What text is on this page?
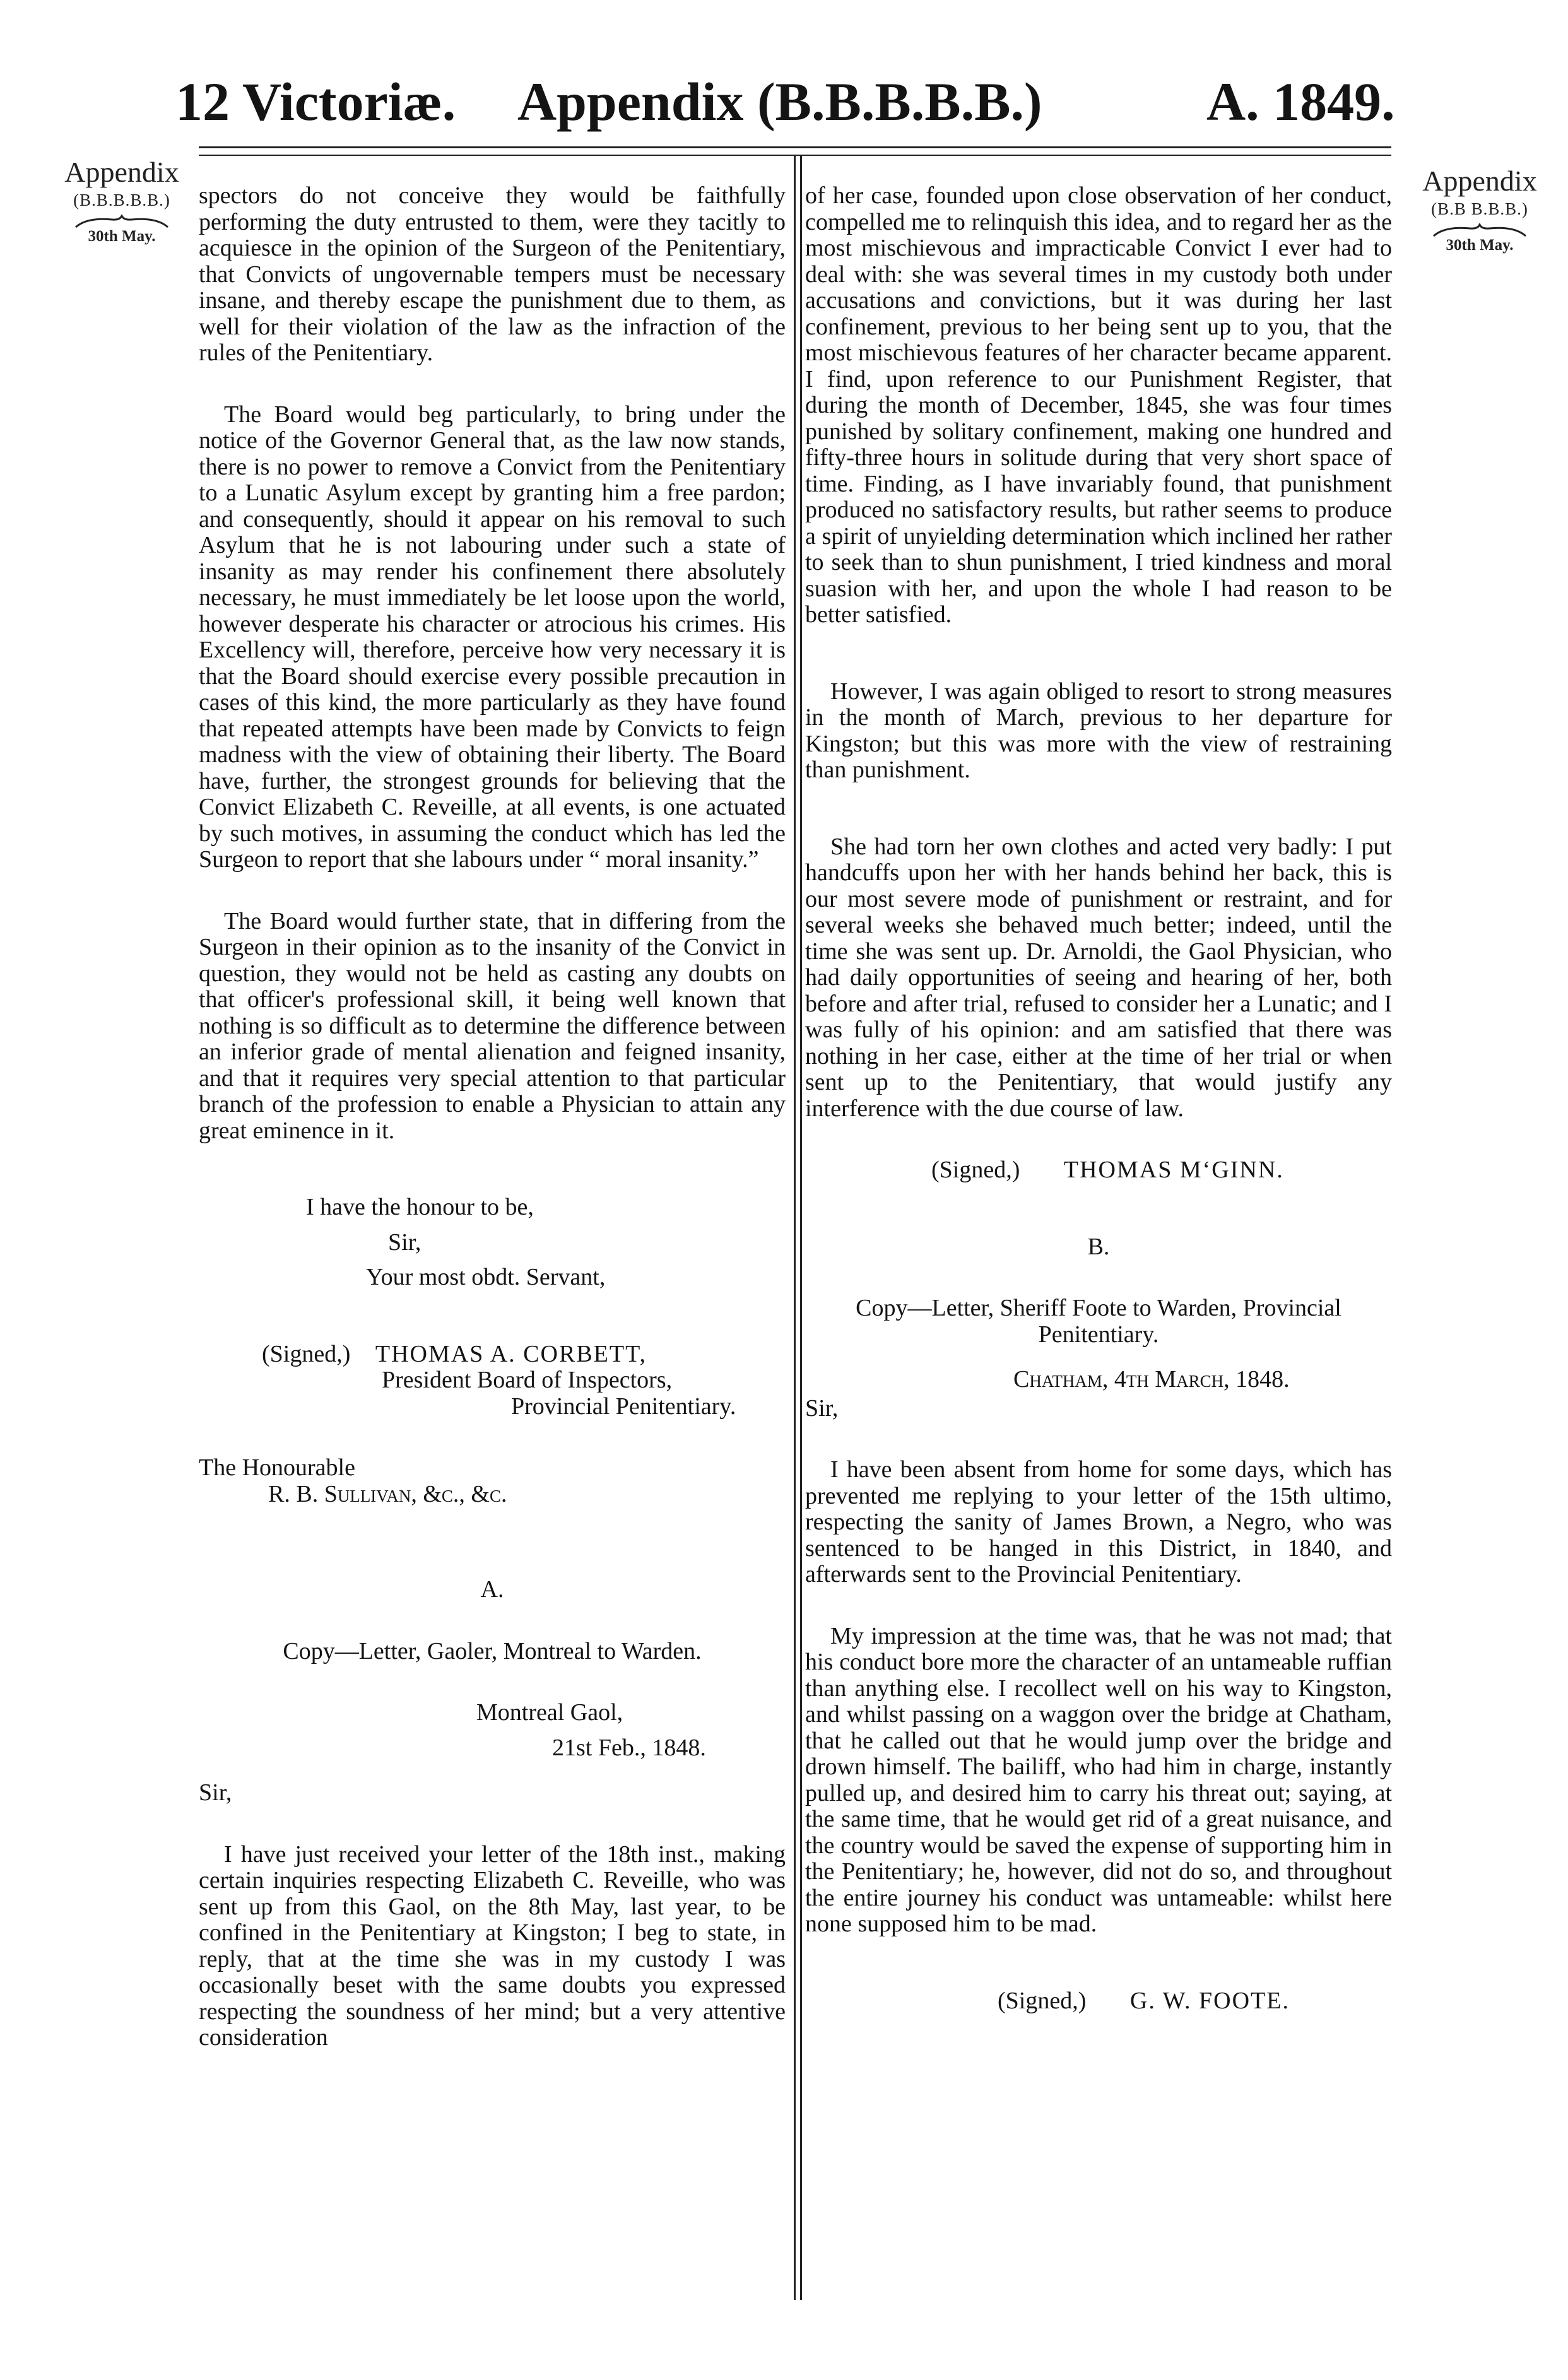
12 Victoriæ. Appendix (B.B.B.B.B.)	A. 1849.
Appendix
(B.B.B.B.B.)
30th May.
Appendix
(B.B B.B.B.)
30th May.

spectors do not conceive they would be faithfully performing the duty entrusted to them, were they tacitly to acquiesce in the opinion of the Surgeon of the Penitentiary, that Convicts of ungovernable tempers must be necessary insane, and thereby escape the punishment due to them, as well for their violation of the law as the infraction of the rules of the Penitentiary.

The Board would beg particularly, to bring under the notice of the Governor General that, as the law now stands, there is no power to remove a Convict from the Penitentiary to a Lunatic Asylum except by granting him a free pardon; and consequently, should it appear on his removal to such Asylum that he is not labouring under such a state of insanity as may render his confinement there absolutely necessary, he must immediately be let loose upon the world, however desperate his character or atrocious his crimes. His Excellency will, therefore, perceive how very necessary it is that the Board should exercise every possible precaution in cases of this kind, the more particularly as they have found that repeated attempts have been made by Convicts to feign madness with the view of obtaining their liberty. The Board have, further, the strongest grounds for believing that the Convict Elizabeth C. Reveille, at all events, is one actuated by such motives, in assuming the conduct which has led the Surgeon to report that she labours under “ moral insanity.”

The Board would further state, that in differing from the Surgeon in their opinion as to the insanity of the Convict in question, they would not be held as casting any doubts on that officer's professional skill, it being well known that nothing is so difficult as to determine the difference between an inferior grade of mental alienation and feigned insanity, and that it requires very special attention to that particular branch of the profession to enable a Physician to attain any great eminence in it.

I have the honour to be,
Sir,
Your most obdt. Servant,
(Signed,) THOMAS A. CORBETT,
President Board of Inspectors,
Provincial Penitentiary.
The Honourable
R. B. Sullivan, &c., &c.
A.
Copy—Letter, Gaoler, Montreal to Warden.
Montreal Gaol,
21st Feb., 1848.
Sir,

I have just received your letter of the 18th inst., making certain inquiries respecting Elizabeth C. Reveille, who was sent up from this Gaol, on the 8th May, last year, to be confined in the Penitentiary at Kingston; I beg to state, in reply, that at the time she was in my custody I was occasionally beset with the same doubts you expressed respecting the soundness of her mind; but a very attentive consideration

of her case, founded upon close observation of her conduct, compelled me to relinquish this idea, and to regard her as the most mischievous and impracticable Convict I ever had to deal with: she was several times in my custody both under accusations and convictions, but it was during her last confinement, previous to her being sent up to you, that the most mischievous features of her character became apparent. I find, upon reference to our Punishment Register, that during the month of December, 1845, she was four times punished by solitary confinement, making one hundred and fifty-three hours in solitude during that very short space of time. Finding, as I have invariably found, that punishment produced no satisfactory results, but rather seems to produce a spirit of unyielding determination which inclined her rather to seek than to shun punishment, I tried kindness and moral suasion with her, and upon the whole I had reason to be better satisfied.

However, I was again obliged to resort to strong measures in the month of March, previous to her departure for Kingston; but this was more with the view of restraining than punishment.

She had torn her own clothes and acted very badly: I put handcuffs upon her with her hands behind her back, this is our most severe mode of punishment or restraint, and for several weeks she behaved much better; indeed, until the time she was sent up. Dr. Arnoldi, the Gaol Physician, who had daily opportunities of seeing and hearing of her, both before and after trial, refused to consider her a Lunatic; and I was fully of his opinion: and am satisfied that there was nothing in her case, either at the time of her trial or when sent up to the Penitentiary, that would justify any interference with the due course of law.

(Signed,) THOMAS M‘GINN.
B.
Copy—Letter, Sheriff Foote to Warden, Provincial Penitentiary.
Chatham, 4th March, 1848.
Sir,

I have been absent from home for some days, which has prevented me replying to your letter of the 15th ultimo, respecting the sanity of James Brown, a Negro, who was sentenced to be hanged in this District, in 1840, and afterwards sent to the Provincial Penitentiary.

My impression at the time was, that he was not mad; that his conduct bore more the character of an untameable ruffian than anything else. I recollect well on his way to Kingston, and whilst passing on a waggon over the bridge at Chatham, that he called out that he would jump over the bridge and drown himself. The bailiff, who had him in charge, instantly pulled up, and desired him to carry his threat out; saying, at the same time, that he would get rid of a great nuisance, and the country would be saved the expense of supporting him in the Penitentiary; he, however, did not do so, and throughout the entire journey his conduct was untameable: whilst here none supposed him to be mad.

(Signed,) G. W. FOOTE.
